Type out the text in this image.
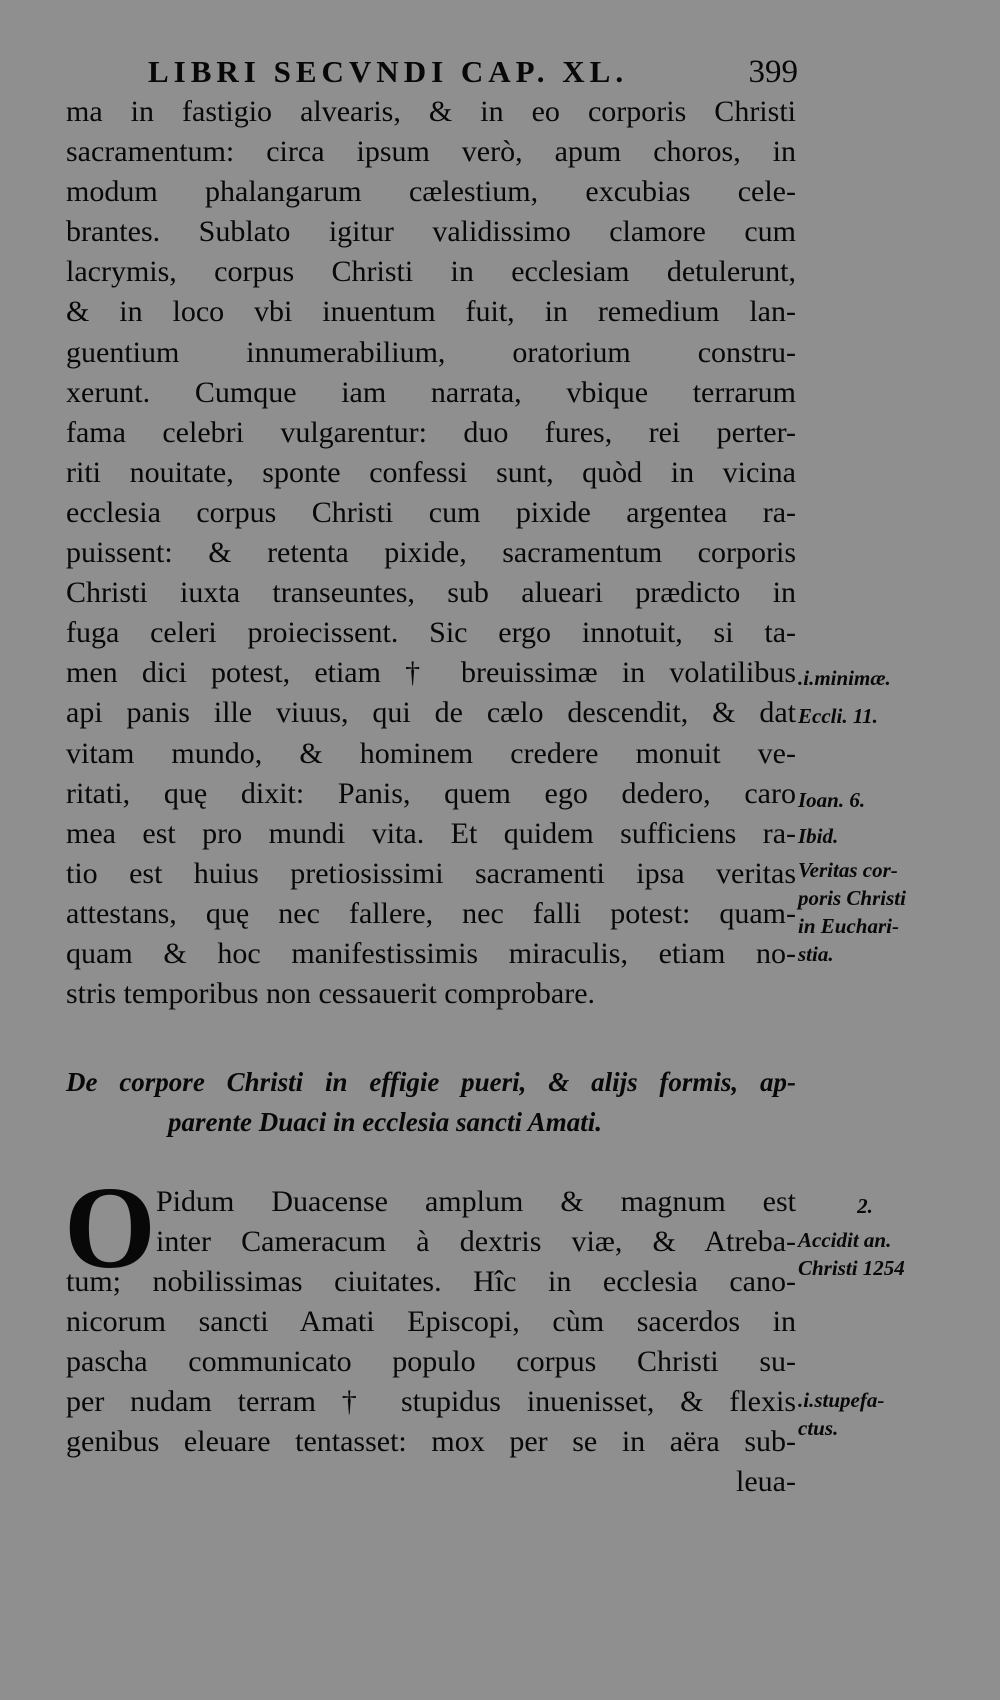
LIBRI SECVNDI CAP. XL.	399
ma in fastigio alvearis, & in eo corporis Christi
sacramentum: circa ipsum verò, apum choros, in
modum phalangarum cælestium, excubias cele-
brantes. Sublato igitur validissimo clamore cum
lacrymis, corpus Christi in ecclesiam detulerunt,
& in loco vbi inuentum fuit, in remedium lan-
guentium innumerabilium, oratorium constru-
xerunt. Cumque iam narrata, vbique terrarum
fama celebri vulgarentur: duo fures, rei perter-
riti nouitate, sponte confessi sunt, quòd in vicina
ecclesia corpus Christi cum pixide argentea ra-
puissent: & retenta pixide, sacramentum corporis
Christi iuxta transeuntes, sub alueari prædicto in
fuga celeri proiecissent. Sic ergo innotuit, si ta-
men dici potest, etiam † breuissimæ in volatilibus
api panis ille viuus, qui de cælo descendit, & dat
vitam mundo, & hominem credere monuit ve-
ritati, quę dixit: Panis, quem ego dedero, caro
mea est pro mundi vita. Et quidem sufficiens ra-
tio est huius pretiosissimi sacramenti ipsa veritas
attestans, quę nec fallere, nec falli potest: quam-
quam & hoc manifestissimis miraculis, etiam no-
stris temporibus non cessauerit comprobare.
De corpore Christi in effigie pueri, & alijs formis, ap-
parente Duaci in ecclesia sancti Amati.
O Pidum Duacense amplum & magnum est
inter Cameracum à dextris viæ, & Atreba-
tum; nobilissimas ciuitates. Hîc in ecclesia cano-
nicorum sancti Amati Episcopi, cùm sacerdos in
pascha communicato populo corpus Christi su-
per nudam terram † stupidus inuenisset, & flexis
genibus eleuare tentasset: mox per se in aëra sub-
leua-
.i.minimæ.
Eccli. 11.
Ioan. 6.
Ibid.
Veritas cor-
poris Christi
in Euchari-
stia.
2.
Accidit an.
Christi 1254
.i.stupefa-
ctus.
